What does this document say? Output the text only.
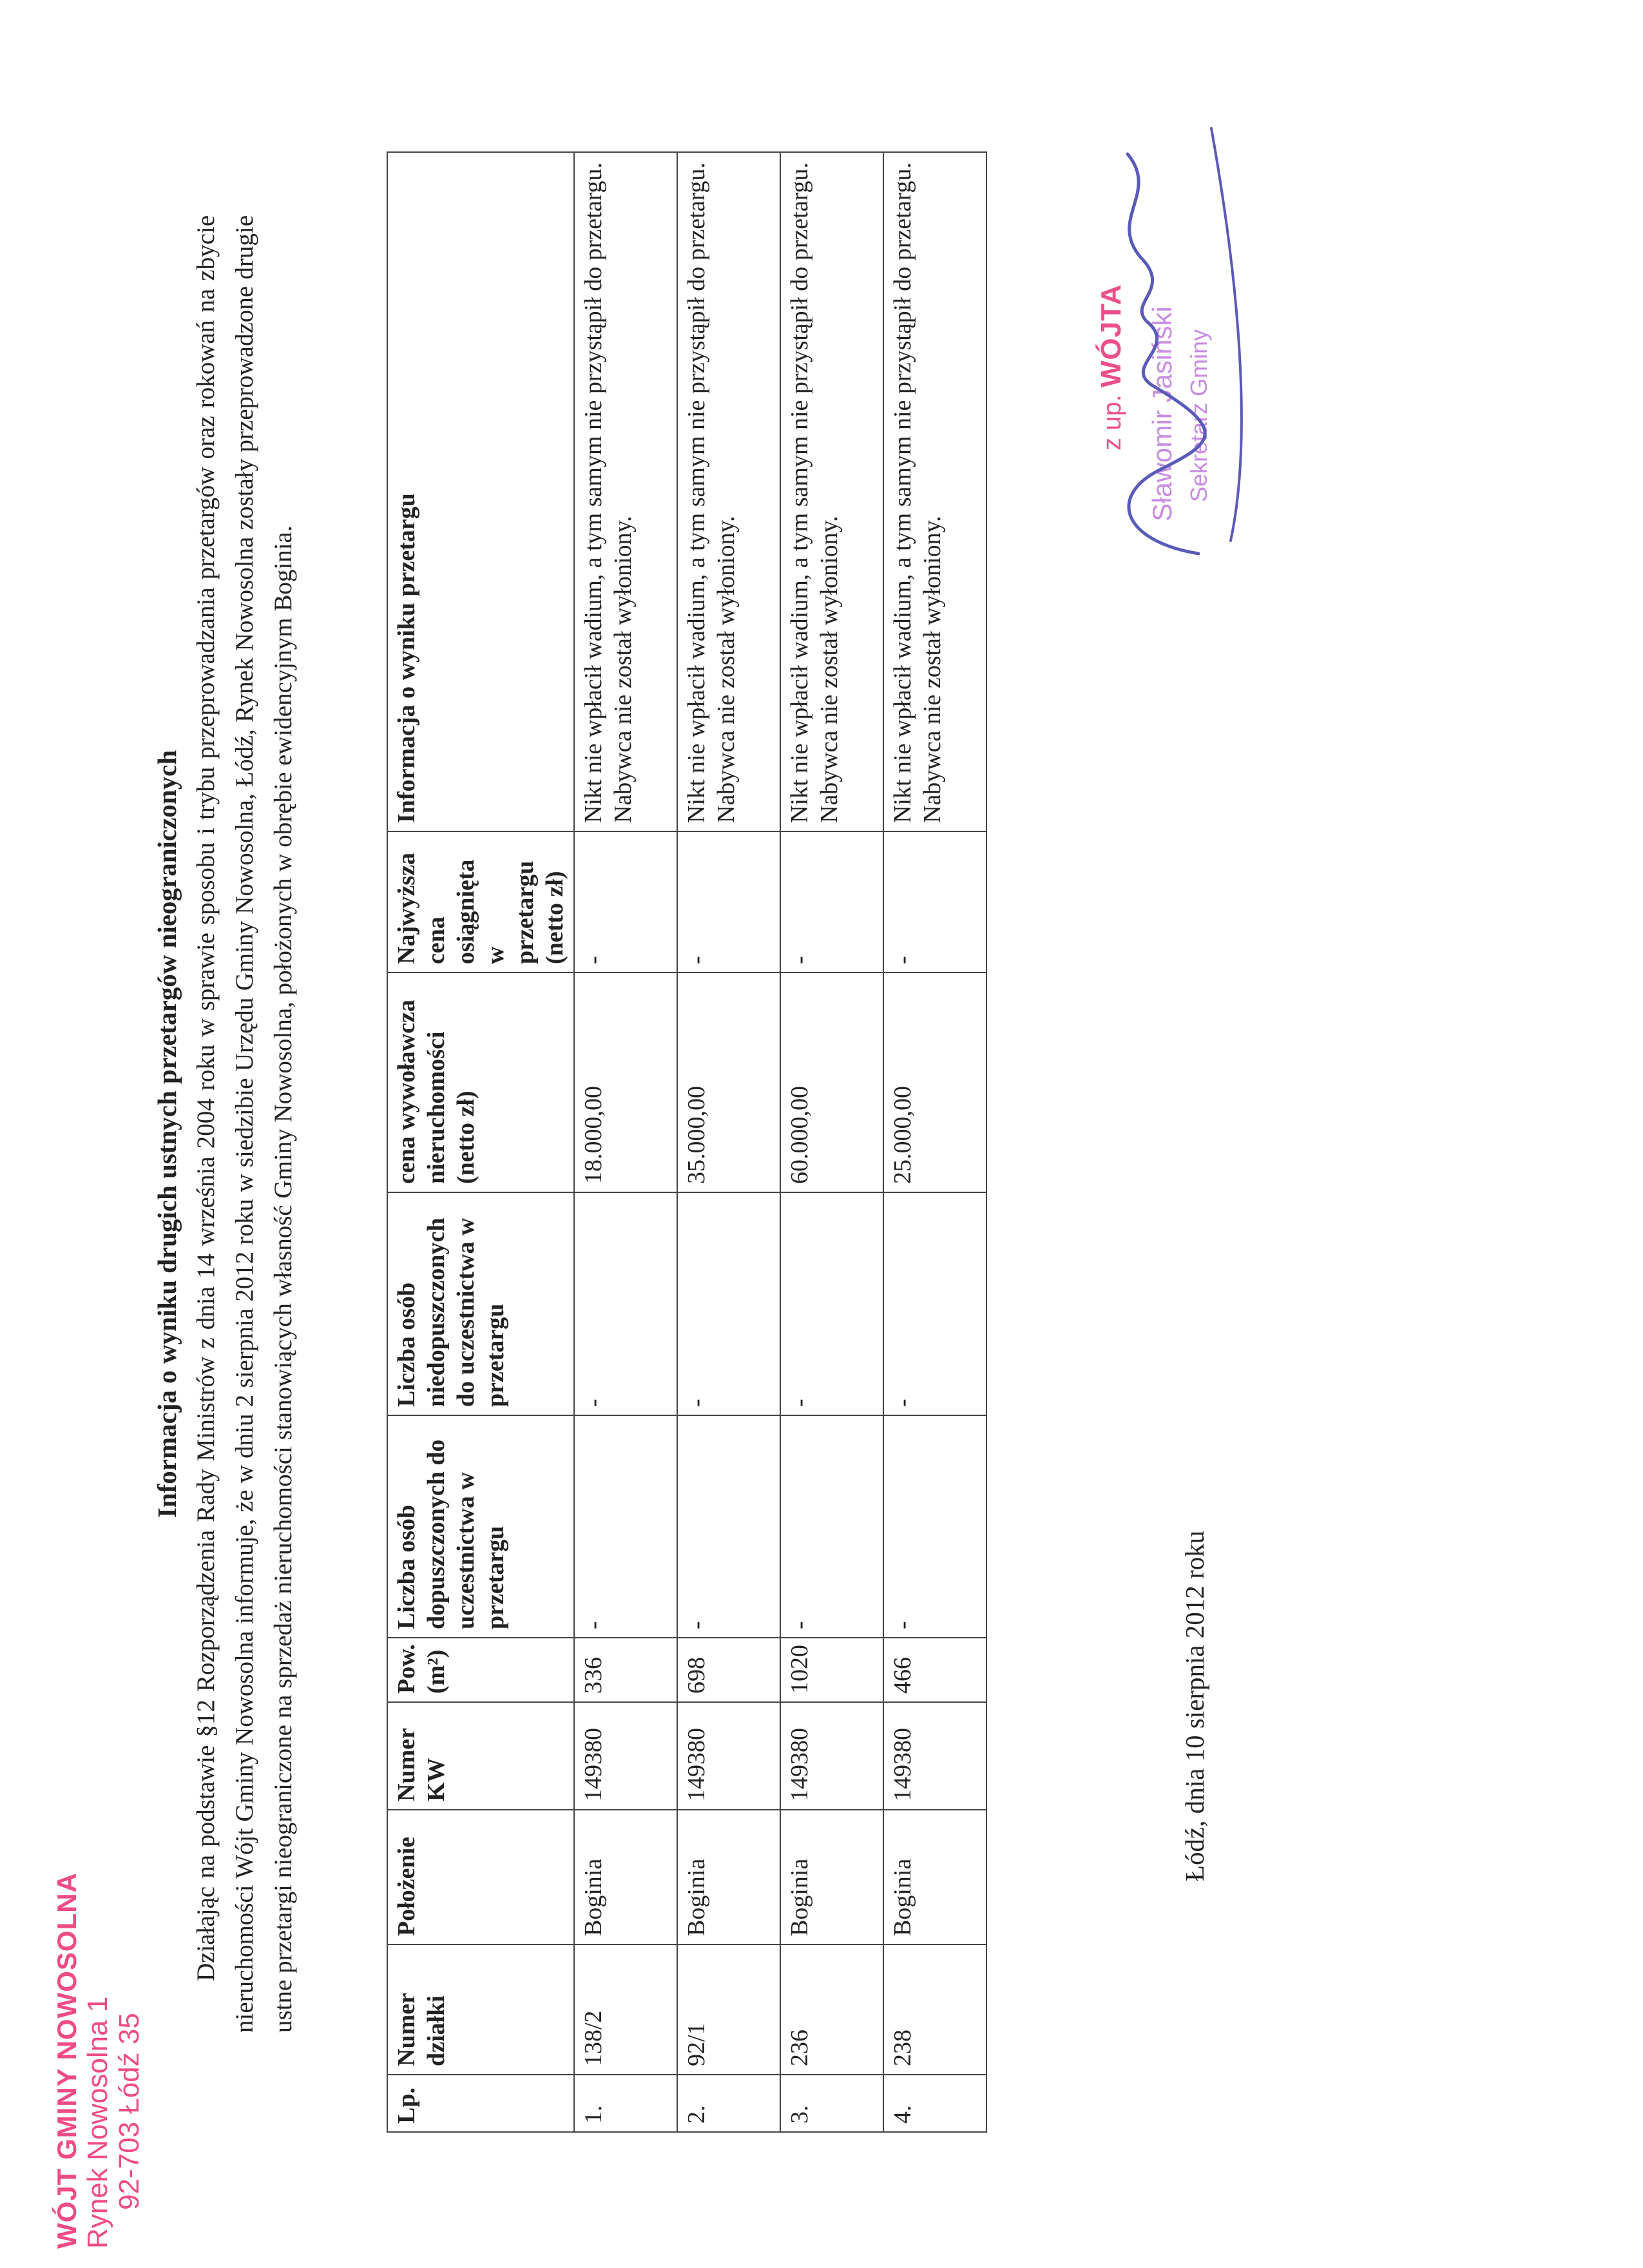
WÓJT GMINY NOWOSOLNA Rynek Nowosolna 1 92-703 Łódź 35
Informacja o wyniku drugich ustnych przetargów nieograniczonych Działając na podstawie §12 Rozporządzenia Rady Ministrów z dnia 14 września 2004 roku w sprawie sposobu i trybu przeprowadzania przetargów oraz rokowań na zbycie nieruchomości Wójt Gminy Nowosolna informuje, że w dniu 2 sierpnia 2012 roku w siedzibie Urzędu Gminy Nowosolna, Łódź, Rynek Nowosolna zostały przeprowadzone drugie ustne przetargi nieograniczone na sprzedaż nieruchomości stanowiących własność Gminy Nowosolna, położonych w obrębie ewidencyjnym Boginia.

Lp.	Numer działki	Położenie	Numer KW	Pow. (m²)	Liczba osób dopuszczonych do uczestnictwa w przetargu	Liczba osób niedopuszczonych do uczestnictwa w przetargu	cena wywoławcza nieruchomości (netto zł)	Najwyższa cena osiągnięta w przetargu (netto zł)	Informacja o wyniku przetargu
1.	138/2	Boginia	149380	336	-	-	18.000,00	-	Nikt nie wpłacił wadium, a tym samym nie przystąpił do przetargu. Nabywca nie został wyłoniony.
2.	92/1	Boginia	149380	698	-	-	35.000,00	-	Nikt nie wpłacił wadium, a tym samym nie przystąpił do przetargu. Nabywca nie został wyłoniony.
3.	236	Boginia	149380	1020	-	-	60.000,00	-	Nikt nie wpłacił wadium, a tym samym nie przystąpił do przetargu. Nabywca nie został wyłoniony.
4.	238	Boginia	149380	466	-	-	25.000,00	-	Nikt nie wpłacił wadium, a tym samym nie przystąpił do przetargu. Nabywca nie został wyłoniony.
Łódź, dnia 10 sierpnia 2012 roku
z up. WÓJTA Sławomir Jasiński Sekretarz Gminy
